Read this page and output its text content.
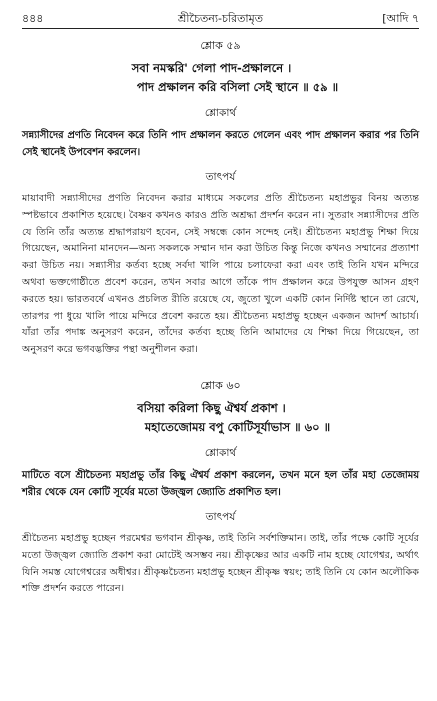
৪৪৪	শ্রীচৈতন্য-চরিতামৃত	[আদি ৭
শ্লোক ৫৯
সবা নমস্করি' গেলা পাদ-প্রক্ষালনে ।
পাদ প্রক্ষালন করি বসিলা সেই স্থানে ॥ ৫৯ ॥
শ্লোকার্থ

সন্ন্যাসীদের প্রণতি নিবেদন করে তিনি পাদ প্রক্ষালন করতে গেলেন এবং পাদ প্রক্ষালন করার পর তিনি সেই স্থানেই উপবেশন করলেন।

তাৎপর্য

মায়াবাদী সন্ন্যাসীদের প্রণতি নিবেদন করার মাধ্যমে সকলের প্রতি শ্রীচৈতন্য মহাপ্রভুর বিনয় অত্যন্ত স্পষ্টভাবে প্রকাশিত হয়েছে। বৈষ্ণব কখনও কারও প্রতি অশ্রদ্ধা প্রদর্শন করেন না। সুতরাং সন্ন্যাসীদের প্রতি যে তিনি তাঁর অত্যন্ত শ্রদ্ধাপরায়ণ হবেন, সেই সম্বন্ধে কোন সন্দেহ নেই। শ্রীচৈতন্য মহাপ্রভু শিক্ষা দিয়ে গিয়েছেন, অমানিনা মানদেন—অন্য সকলকে সম্মান দান করা উচিত কিন্তু নিজে কখনও সম্মানের প্রত্যাশা করা উচিত নয়। সন্ন্যাসীর কর্তব্য হচ্ছে সর্বদা খালি পায়ে চলাফেরা করা এবং তাই তিনি যখন মন্দিরে অথবা ভক্তগোষ্ঠীতে প্রবেশ করেন, তখন সবার আগে তাঁকে পাদ প্রক্ষালন করে উপযুক্ত আসন গ্রহণ করতে হয়। ভারতবর্ষে এখনও প্রচলিত রীতি রয়েছে যে, জুতো খুলে একটি কোন নির্দিষ্ট স্থানে তা রেখে, তারপর পা ধুয়ে খালি পায়ে মন্দিরে প্রবেশ করতে হয়। শ্রীচৈতন্য মহাপ্রভু হচ্ছেন একজন আদর্শ আচার্য। যাঁরা তাঁর পদাঙ্ক অনুসরণ করেন, তাঁদের কর্তব্য হচ্ছে তিনি আমাদের যে শিক্ষা দিয়ে গিয়েছেন, তা অনুসরণ করে ভগবদ্ভক্তির পন্থা অনুশীলন করা।

শ্লোক ৬০
বসিয়া করিলা কিছু ঐশ্বর্য প্রকাশ ।
মহাতেজোময় বপু কোটিসূর্যাভাস ॥ ৬০ ॥
শ্লোকার্থ

মাটিতে বসে শ্রীচৈতন্য মহাপ্রভু তাঁর কিছু ঐশ্বর্য প্রকাশ করলেন, তখন মনে হল তাঁর মহা তেজোময় শরীর থেকে যেন কোটি সূর্যের মতো উজ্জ্বল জ্যোতি প্রকাশিত হল।

তাৎপর্য

শ্রীচৈতন্য মহাপ্রভু হচ্ছেন পরমেশ্বর ভগবান শ্রীকৃষ্ণ, তাই তিনি সর্বশক্তিমান। তাই, তাঁর পক্ষে কোটি সূর্যের মতো উজ্জ্বল জ্যোতি প্রকাশ করা মোটেই অসম্ভব নয়। শ্রীকৃষ্ণের আর একটি নাম হচ্ছে যোগেশ্বর, অর্থাৎ যিনি সমস্ত যোগেশ্বরের অধীশ্বর। শ্রীকৃষ্ণচৈতন্য মহাপ্রভু হচ্ছেন শ্রীকৃষ্ণ স্বয়ং; তাই তিনি যে কোন অলৌকিক শক্তি প্রদর্শন করতে পারেন।
